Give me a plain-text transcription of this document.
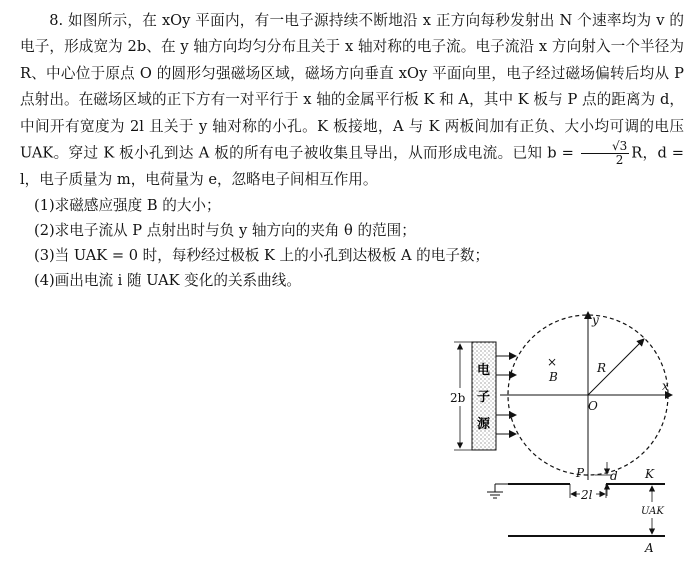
8. 如图所示，在 xOy 平面内，有一电子源持续不断地沿 x 正方向每秒发射出 N 个速率均为 v 的电子，形成宽为 2b、在 y 轴方向均匀分布且关于 x 轴对称的电子流。电子流沿 x 方向射入一个半径为 R、中心位于原点 O 的圆形匀强磁场区域，磁场方向垂直 xOy 平面向里，电子经过磁场偏转后均从 P 点射出。在磁场区域的正下方有一对平行于 x 轴的金属平行板 K 和 A，其中 K 板与 P 点的距离为 d，中间开有宽度为 2l 且关于 y 轴对称的小孔。K 板接地，A 与 K 两板间加有正负、大小均可调的电压 UAK。穿过 K 板小孔到达 A 板的所有电子被收集且导出，从而形成电流。已知 $b = \frac{√3}{2}$ R，d = l，电子质量为 m，电荷量为 e，忽略电子间相互作用。

(1)求磁感应强度 B 的大小；

(2)求电子流从 P 点射出时与负 y 轴方向的夹角 θ 的范围；

(3)当 UAK = 0 时，每秒经过极板 K 上的小孔到达极板 A 的电子数；

(4)画出电流 i 随 UAK 变化的关系曲线。

电
子
源
2b
y
x
O
R
×
B
P d K
2l
A
UAK
